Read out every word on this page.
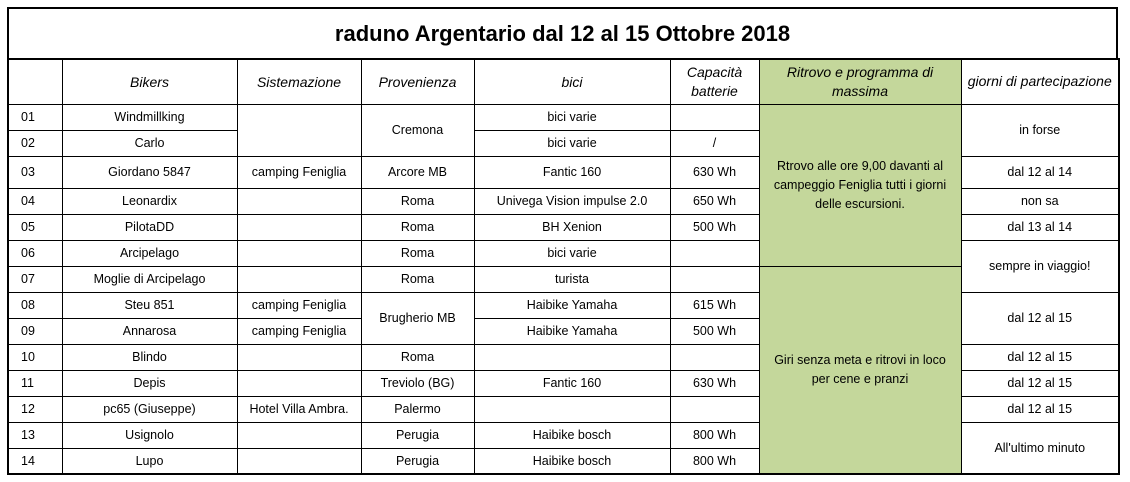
raduno Argentario dal 12 al 15 Ottobre 2018
	Bikers	Sistemazione	Provenienza	bici	Capacità batterie	Ritrovo e programma di massima	giorni di partecipazione
01	Windmillking		Cremona	bici varie		Rtrovo alle ore 9,00 davanti al campeggio Feniglia tutti i giorni delle escursioni.	in forse
02	Carlo			bici varie	/		
03	Giordano 5847	camping Feniglia	Arcore MB	Fantic 160	630 Wh		dal 12 al 14
04	Leonardix		Roma	Univega Vision impulse 2.0	650 Wh		non sa
05	PilotaDD		Roma	BH Xenion	500 Wh		dal 13 al 14
06	Arcipelago		Roma	bici varie			sempre in viaggio!
07	Moglie di Arcipelago		Roma	turista		Giri senza meta e ritrovi in loco per cene e pranzi	
08	Steu 851	camping Feniglia	Brugherio MB	Haibike Yamaha	615 Wh		dal 12 al 15
09	Annarosa	camping Feniglia		Haibike Yamaha	500 Wh		
10	Blindo		Roma				dal 12 al 15
11	Depis		Treviolo (BG)	Fantic 160	630 Wh		dal 12 al 15
12	pc65 (Giuseppe)	Hotel Villa Ambra.	Palermo				dal 12 al 15
13	Usignolo		Perugia	Haibike bosch	800 Wh		All'ultimo minuto
14	Lupo		Perugia	Haibike bosch	800 Wh		
